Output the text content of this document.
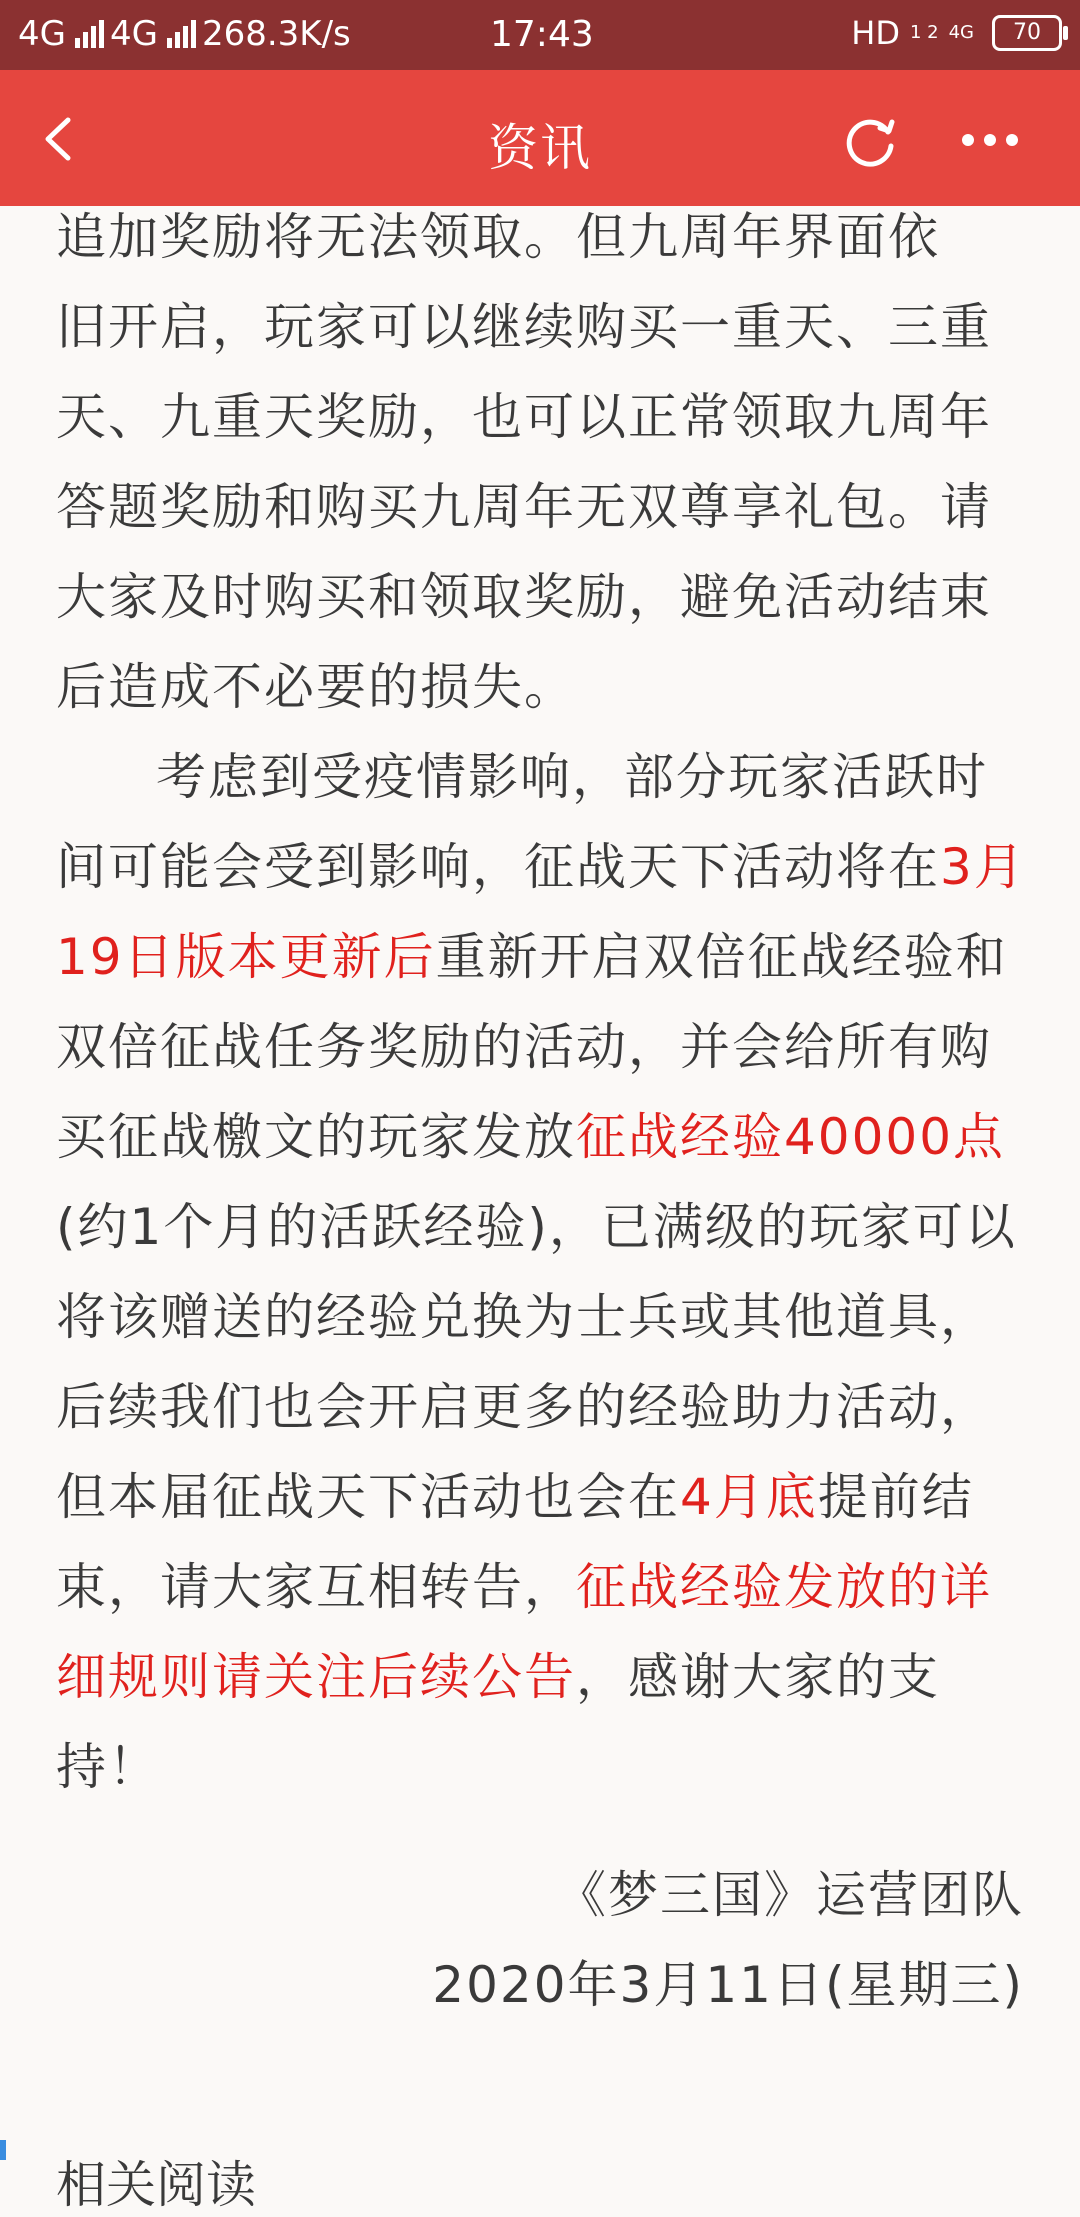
4G 4G 268.3K/s	17:43	HD 1 2 4G	70
资讯

追加奖励将无法领取。但九周年界面依
旧开启，玩家可以继续购买一重天、三重天、九重天奖励，也可以正常领取九周年答题奖励和购买九周年无双尊享礼包。请大家及时购买和领取奖励，避免活动结束后造成不必要的损失。

考虑到受疫情影响，部分玩家活跃时间可能会受到影响，征战天下活动将在3月19日版本更新后重新开启双倍征战经验和双倍征战任务奖励的活动，并会给所有购买征战檄文的玩家发放征战经验40000点(约1个月的活跃经验)，已满级的玩家可以将该赠送的经验兑换为士兵或其他道具，后续我们也会开启更多的经验助力活动，但本届征战天下活动也会在4月底提前结束，请大家互相转告，征战经验发放的详细规则请关注后续公告，感谢大家的支持！

《梦三国》运营团队
2020年3月11日(星期三)
相关阅读
